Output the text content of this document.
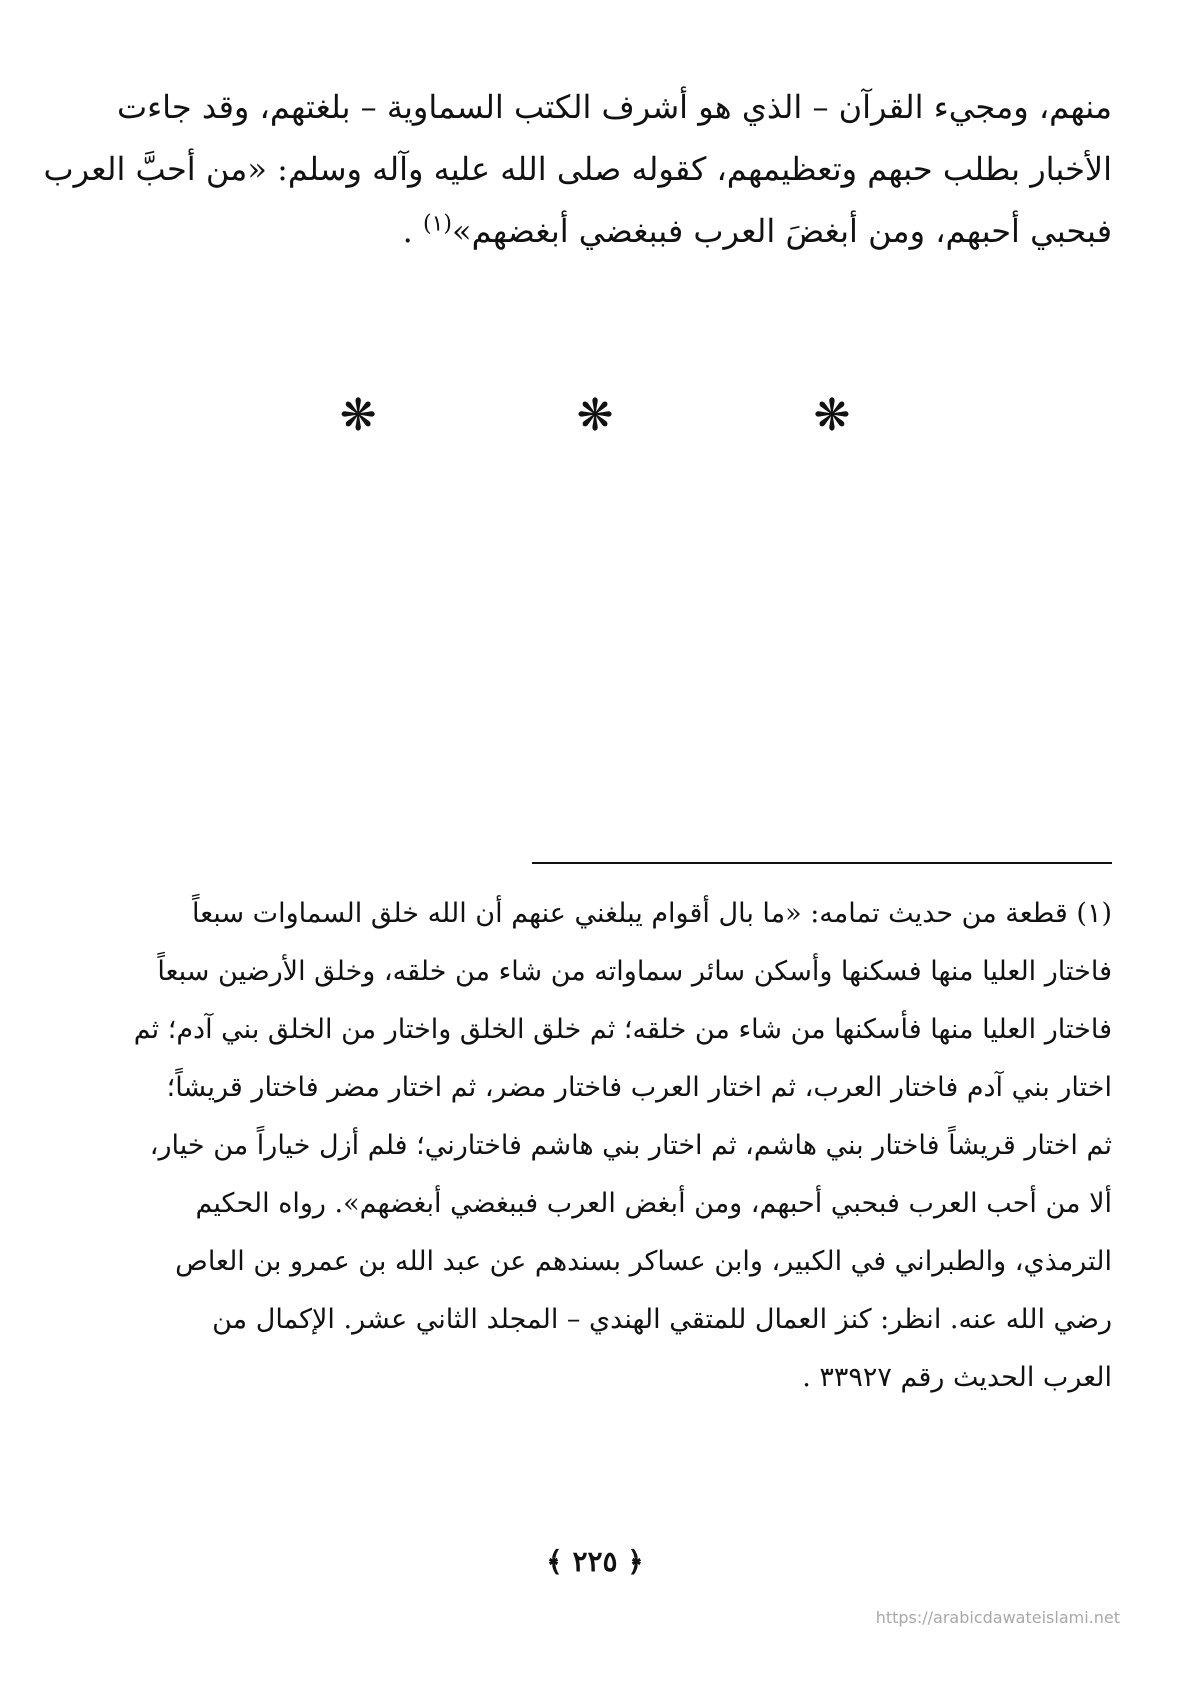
منهم، ومجيء القرآن – الذي هو أشرف الكتب السماوية – بلغتهم، وقد جاءت
الأخبار بطلب حبهم وتعظيمهم، كقوله صلى الله عليه وآله وسلم: «من أحبَّ العرب
فبحبي أحبهم، ومن أبغضَ العرب فببغضي أبغضهم»$^{(١)}$ .
❋
❋
❋
(١) قطعة من حديث تمامه: «ما بال أقوام يبلغني عنهم أن الله خلق السماوات سبعاً
فاختار العليا منها فسكنها وأسكن سائر سماواته من شاء من خلقه، وخلق الأرضين سبعاً
فاختار العليا منها فأسكنها من شاء من خلقه؛ ثم خلق الخلق واختار من الخلق بني آدم؛ ثم
اختار بني آدم فاختار العرب، ثم اختار العرب فاختار مضر، ثم اختار مضر فاختار قريشاً؛
ثم اختار قريشاً فاختار بني هاشم، ثم اختار بني هاشم فاختارني؛ فلم أزل خياراً من خيار،
ألا من أحب العرب فبحبي أحبهم، ومن أبغض العرب فببغضي أبغضهم». رواه الحكيم
الترمذي، والطبراني في الكبير، وابن عساكر بسندهم عن عبد الله بن عمرو بن العاص
رضي الله عنه. انظر: كنز العمال للمتقي الهندي – المجلد الثاني عشر. الإكمال من
العرب الحديث رقم ٣٣٩٢٧ .
﴿ ٢٢٥ ﴾
https://arabicdawateislami.net
